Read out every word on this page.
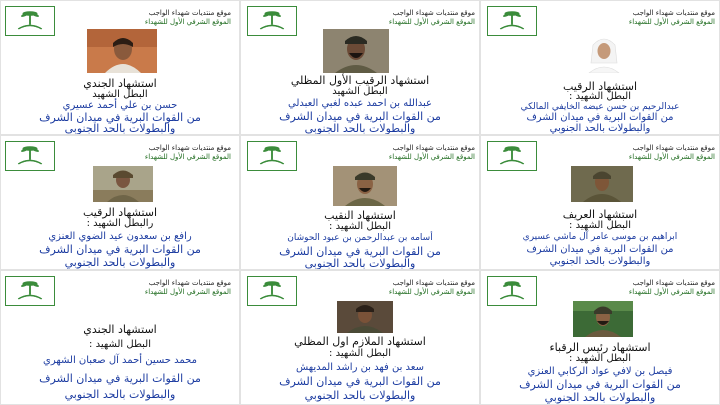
موقع منتديات شهداء الواجب
الموقع الشرفي الأول للشهداء
استشهاد الجندي
البطل الشهيد
حسن بن علي أحمد عسيري
من القوات البرية في ميدان الشرف
والبطولات بالحد الجنوبي
موقع منتديات شهداء الواجب
الموقع الشرفي الأول للشهداء
استشهاد الرقيب الأول المظلي
البطل الشهيد
عبدالله بن احمد عبده لغبي العبدلي
من القوات البرية في ميدان الشرف
والبطولات بالحد الجنوبي
موقع منتديات شهداء الواجب
الموقع الشرفي الأول للشهداء
استشهاد الرقيب
البطل الشهيد :
عبدالرحيم بن حسن عيضه الخايفي المالكي
من القوات البرية في ميدان الشرف
والبطولات بالحد الجنوبي
موقع منتديات شهداء الواجب
الموقع الشرفي الأول للشهداء
استشهاد الرقيب
رالبطل الشهيد :
رافع بن سعدون عيد الضوي العنزي
من القوات البرية في ميدان الشرف
والبطولات بالحد الجنوبي
موقع منتديات شهداء الواجب
الموقع الشرفي الأول للشهداء
استشهاد النقيب
البطل الشهيد :
أسامه بن عبدالرحمن بن عبود الحوشان
من القوات البرية في ميدان الشرف
والبطولات بالحد الجنوبي
موقع منتديات شهداء الواجب
الموقع الشرفي الأول للشهداء
استشهاد العريف
البطل الشهيد :
ابراهيم بن موسى عامر آل ماشي عسيري
من القوات البرية في ميدان الشرف
والبطولات بالحد الجنوبي
موقع منتديات شهداء الواجب
الموقع الشرفي الأول للشهداء
استشهاد الجندي
البطل الشهيد :
محمد حسين أحمد آل صعبان الشهري
من القوات البرية في ميدان الشرف
والبطولات بالحد الجنوبي
موقع منتديات شهداء الواجب
الموقع الشرفي الأول للشهداء
استشهاد الملازم اول المظلي
البطل الشهيد :
سعد بن فهد بن راشد المديهش
من القوات البرية في ميدان الشرف
والبطولات بالحد الجنوبي
موقع منتديات شهداء الواجب
الموقع الشرفي الأول للشهداء
استشهاد رئيس الرقباء
البطل الشهيد :
فيصل بن لافي عواد الركابي العنزي
من القوات البرية في ميدان الشرف
والبطولات بالحد الجنوبي
